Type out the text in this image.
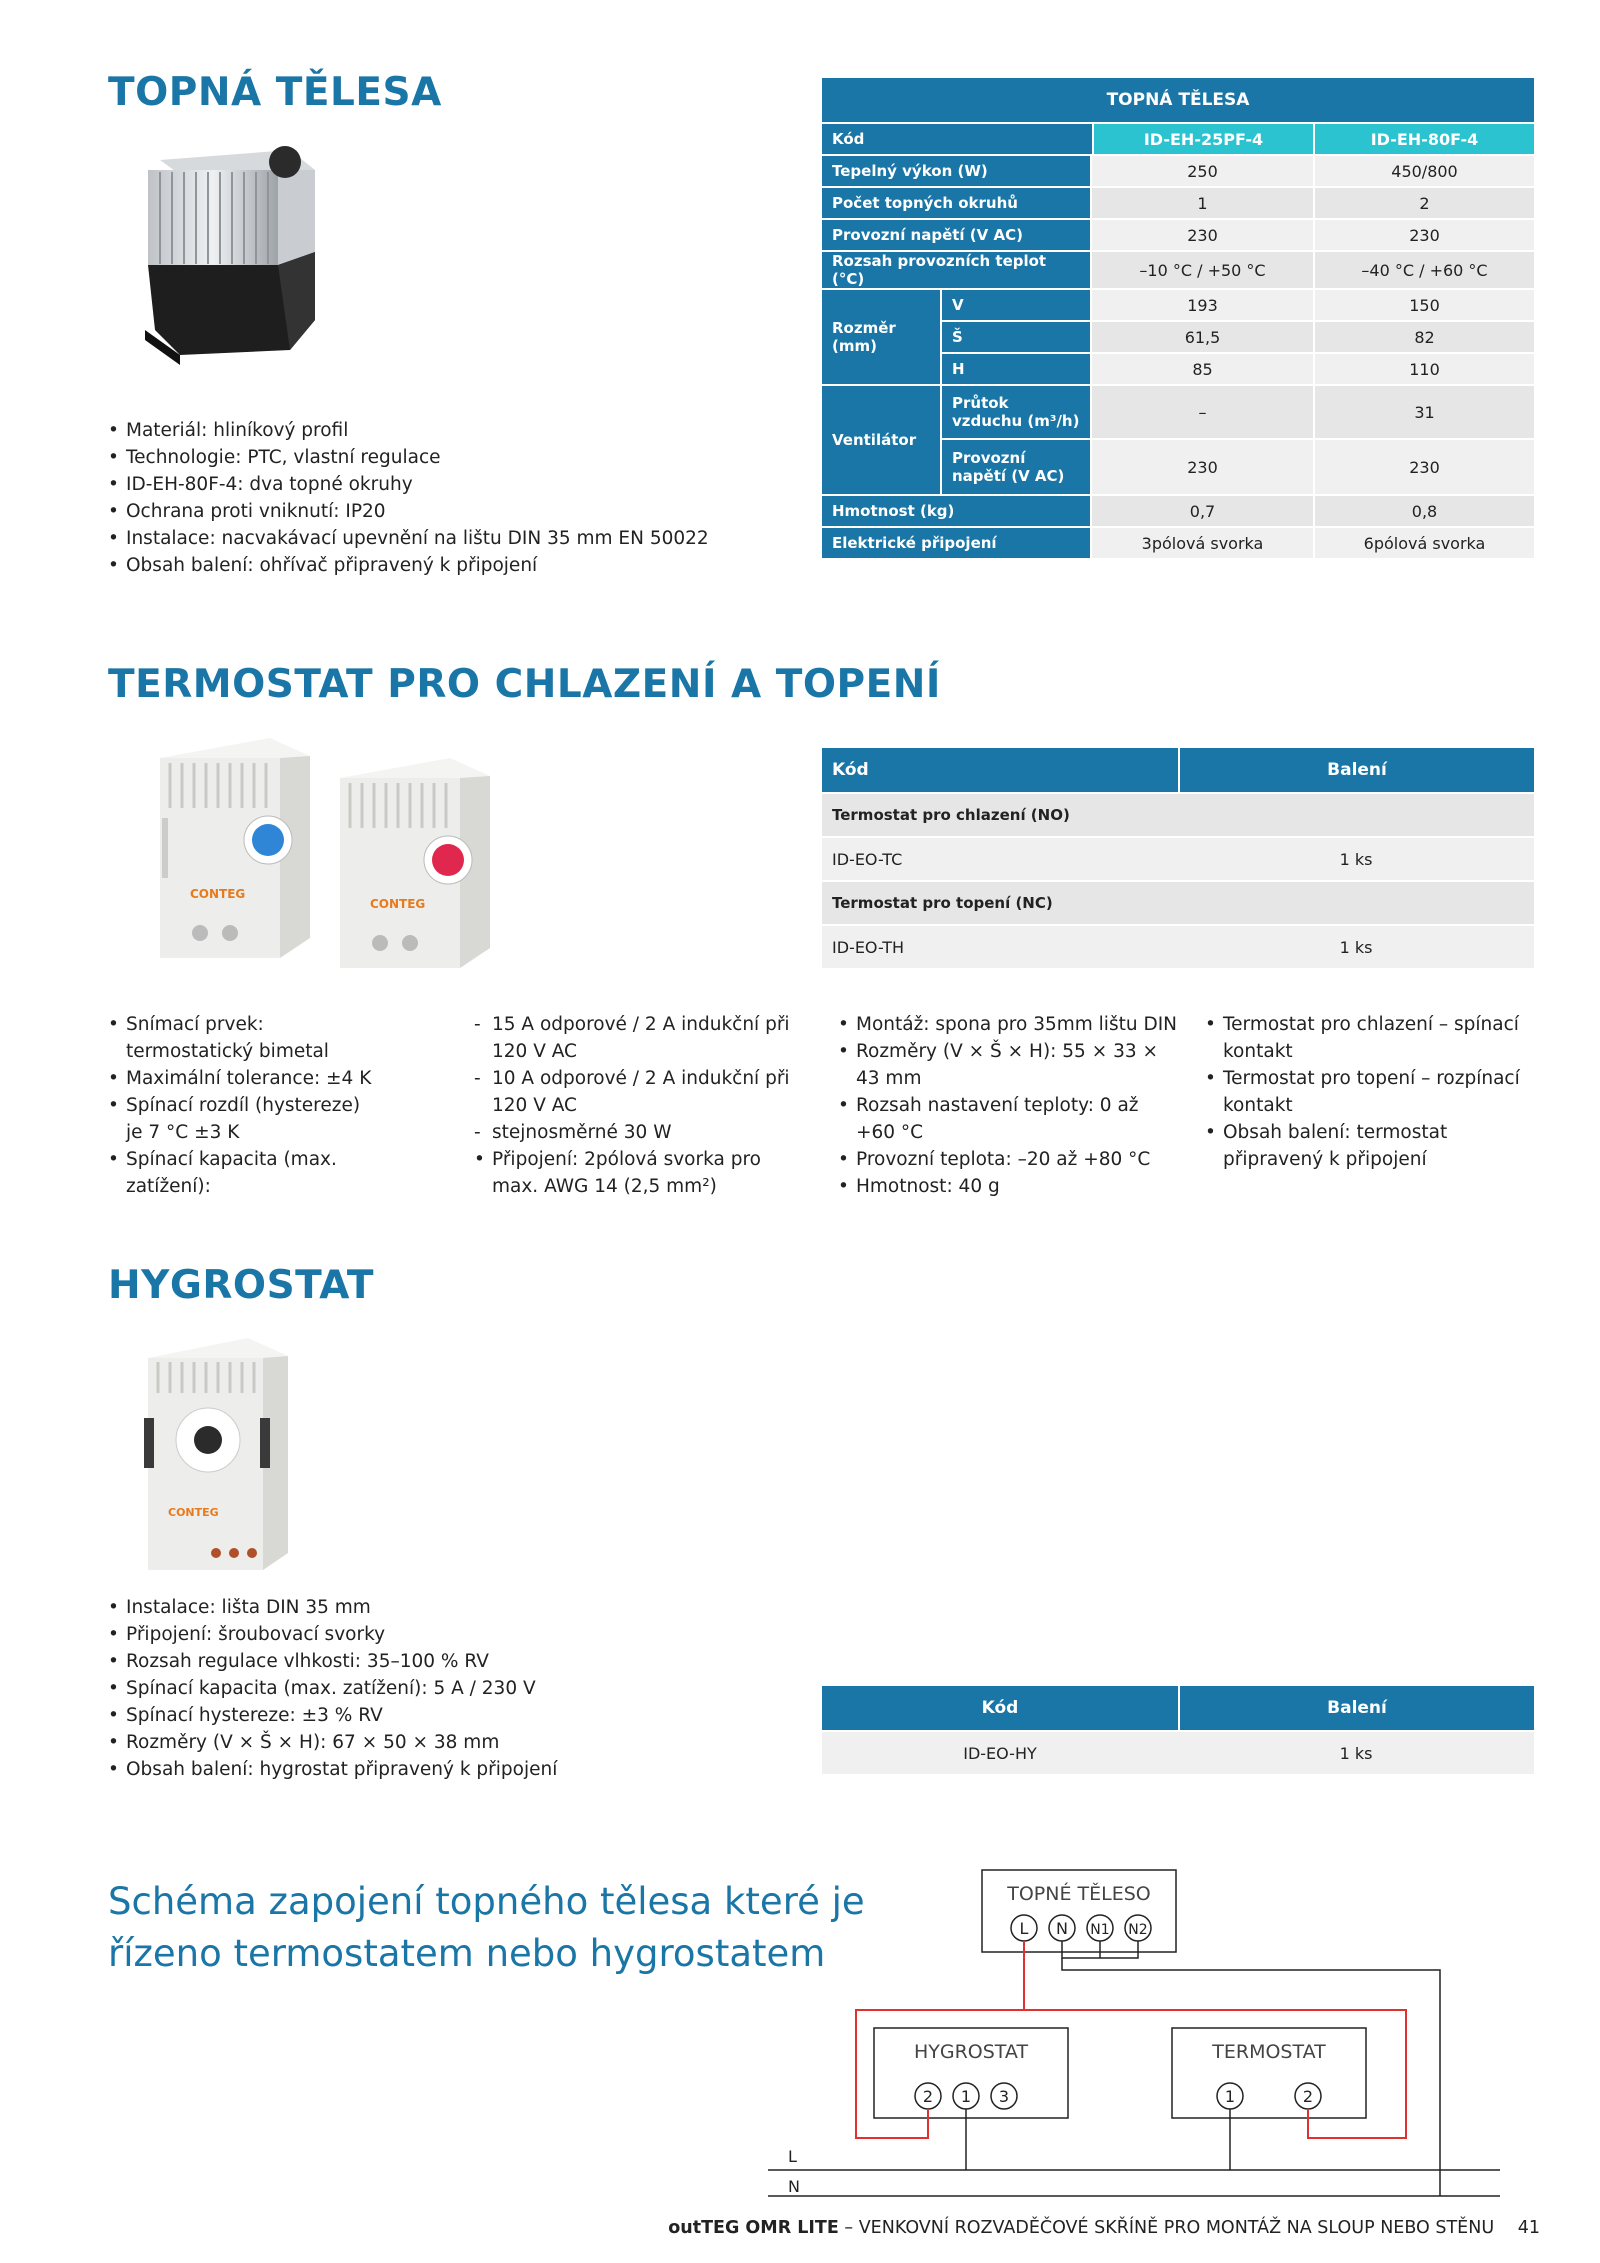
TOPNÁ TĚLESA
• Materiál: hliníkový profil
• Technologie: PTC, vlastní regulace
• ID-EH-80F-4: dva topné okruhy
• Ochrana proti vniknutí: IP20
• Instalace: nacvakávací upevnění na lištu DIN 35 mm EN 50022
• Obsah balení: ohřívač připravený k připojení
TOPNÁ TĚLESA			
Kód		ID-EH-25PF-4	ID-EH-80F-4
Tepelný výkon (W)		250	450/800
Počet topných okruhů		1	2
Provozní napětí (V AC)		230	230
Rozsah provozních teplot (°C)		–10 °C / +50 °C	–40 °C / +60 °C
Rozměr (mm)	V	193	150
	Š	61,5	82
	H	85	110
Ventilátor	Průtok vzduchu (m³/h)	–	31
	Provozní napětí (V AC)	230	230
Hmotnost (kg)		0,7	0,8
Elektrické připojení		3pólová svorka	6pólová svorka
TERMOSTAT PRO CHLAZENÍ A TOPENÍ
CONTEG
CONTEG
Kód	Balení
Termostat pro chlazení (NO)	
ID-EO-TC	1 ks
Termostat pro topení (NC)	
ID-EO-TH	1 ks
• Snímací prvek: termostatický bimetal
• Maximální tolerance: ±4 K
• Spínací rozdíl (hystereze) je 7 °C ±3 K
• Spínací kapacita (max. zatížení):
- 15 A odporové / 2 A indukční při 120 V AC
- 10 A odporové / 2 A indukční při 120 V AC
- stejnosměrné 30 W
• Připojení: 2pólová svorka pro max. AWG 14 (2,5 mm²)
• Montáž: spona pro 35mm lištu DIN
• Rozměry (V × Š × H): 55 × 33 × 43 mm
• Rozsah nastavení teploty: 0 až +60 °C
• Provozní teplota: –20 až +80 °C
• Hmotnost: 40 g
• Termostat pro chlazení – spínací kontakt
• Termostat pro topení – rozpínací kontakt
• Obsah balení: termostat připravený k připojení
HYGROSTAT
CONTEG
• Instalace: lišta DIN 35 mm
• Připojení: šroubovací svorky
• Rozsah regulace vlhkosti: 35–100 % RV
• Spínací kapacita (max. zatížení): 5 A / 230 V
• Spínací hystereze: ±3 % RV
• Rozměry (V × Š × H): 67 × 50 × 38 mm
• Obsah balení: hygrostat připravený k připojení
Kód	Balení
ID-EO-HY	1 ks
Schéma zapojení topného tělesa které je
řízeno termostatem nebo hygrostatem
TOPNÉ TĚLESO
L N N1 N2
HYGROSTAT
2 1 3
TERMOSTAT
1	2
L
N
outTEG OMR LITE – VENKOVNÍ ROZVADĚČOVÉ SKŘÍNĚ PRO MONTÁŽ NA SLOUP NEBO STĚNU 41
